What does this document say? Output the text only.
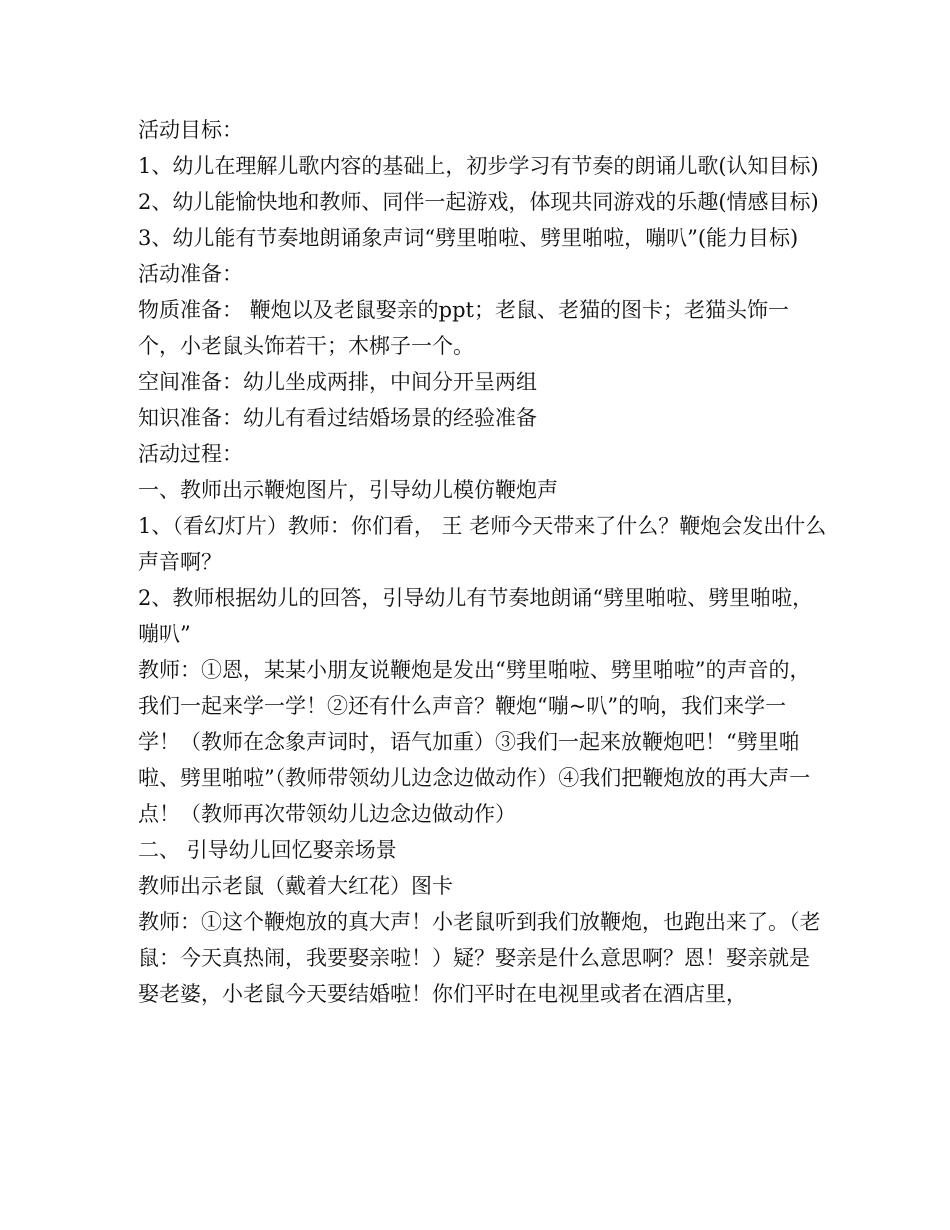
活动目标：

1、幼儿在理解儿歌内容的基础上，初步学习有节奏的朗诵儿歌(认知目标)

2、幼儿能愉快地和教师、同伴一起游戏，体现共同游戏的乐趣(情感目标)

3、幼儿能有节奏地朗诵象声词“劈里啪啦、劈里啪啦，嘣叭”(能力目标)

活动准备：

物质准备： 鞭炮以及老鼠娶亲的ppt；老鼠、老猫的图卡；老猫头饰一个，小老鼠头饰若干；木梆子一个。

空间准备：幼儿坐成两排，中间分开呈两组

知识准备：幼儿有看过结婚场景的经验准备

活动过程：

一、教师出示鞭炮图片，引导幼儿模仿鞭炮声

1、（看幻灯片）教师：你们看， 王 老师今天带来了什么？鞭炮会发出什么声音啊？

2、教师根据幼儿的回答，引导幼儿有节奏地朗诵“劈里啪啦、劈里啪啦，嘣叭”

教师：①恩，某某小朋友说鞭炮是发出“劈里啪啦、劈里啪啦”的声音的，我们一起来学一学！②还有什么声音？鞭炮“嘣~叭”的响，我们来学一学！（教师在念象声词时，语气加重）③我们一起来放鞭炮吧！“劈里啪啦、劈里啪啦”（教师带领幼儿边念边做动作）④我们把鞭炮放的再大声一点！（教师再次带领幼儿边念边做动作）

二、 引导幼儿回忆娶亲场景

教师出示老鼠（戴着大红花）图卡

教师：①这个鞭炮放的真大声！小老鼠听到我们放鞭炮，也跑出来了。（老鼠：今天真热闹，我要娶亲啦！）疑？娶亲是什么意思啊？恩！娶亲就是娶老婆，小老鼠今天要结婚啦！你们平时在电视里或者在酒店里，
